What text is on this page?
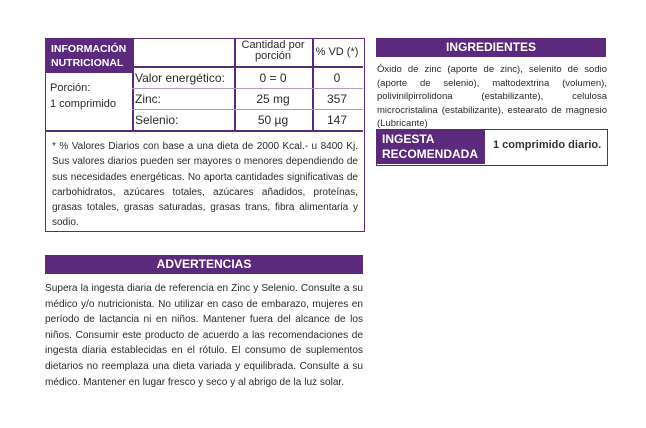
INFORMACIÓN NUTRICIONAL
Cantidad por porción	% VD (*)
Porción:
1 comprimido
Valor energético:	0 = 0	0
Zinc:	25 mg	357
Selenio:	50 µg	147
* % Valores Diarios con base a una dieta de 2000 Kcal.- u 8400 Kj. Sus valores diarios pueden ser mayores o menores dependiendo de sus necesidades energéticas. No aporta cantidades significativas de carbohidratos, azúcares totales, azúcares añadidos, proteínas, grasas totales, grasas saturadas, grasas trans, fibra alimentaria y sodio.
INGREDIENTES
Óxido de zinc (aporte de zinc), selenito de sodio (aporte de selenio), maltodextrina (volumen), polivinilpirrolidona (estabilizante), celulosa microcristalina (estabilizante), estearato de magnesio (Lubricante)
INGESTA RECOMENDADA
1 comprimido diario.
ADVERTENCIAS
Supera la ingesta diaria de referencia en Zinc y Selenio. Consulte a su médico y/o nutricionista. No utilizar en caso de embarazo, mujeres en período de lactancia ni en niños. Mantener fuera del alcance de los niños. Consumir este producto de acuerdo a las recomendaciones de ingesta diaria establecidas en el rótulo. El consumo de suplementos dietarios no reemplaza una dieta variada y equilibrada. Consulte a su médico. Mantener en lugar fresco y seco y al abrigo de la luz solar.
